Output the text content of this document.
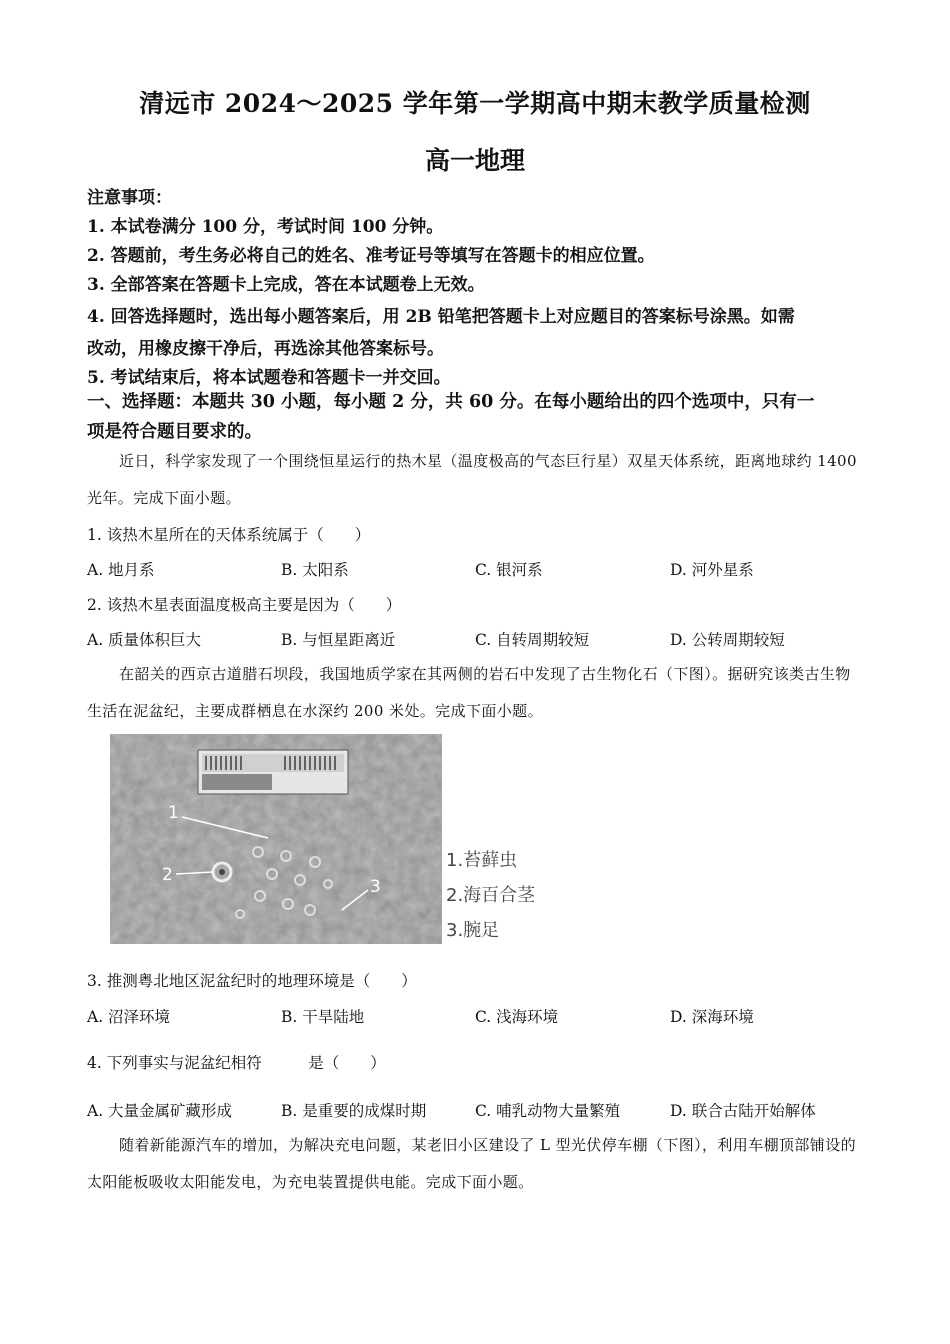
清远市 2024～2025 学年第一学期高中期末教学质量检测
高一地理
注意事项：
1. 本试卷满分 100 分，考试时间 100 分钟。
2. 答题前，考生务必将自己的姓名、准考证号等填写在答题卡的相应位置。
3. 全部答案在答题卡上完成，答在本试题卷上无效。
4. 回答选择题时，选出每小题答案后，用 2B 铅笔把答题卡上对应题目的答案标号涂黑。如需
改动，用橡皮擦干净后，再选涂其他答案标号。
5. 考试结束后，将本试题卷和答题卡一并交回。
一、选择题：本题共 30 小题，每小题 2 分，共 60 分。在每小题给出的四个选项中，只有一
项是符合题目要求的。
近日，科学家发现了一个围绕恒星运行的热木星（温度极高的气态巨行星）双星天体系统，距离地球约 1400 光年。完成下面小题。
1. 该热木星所在的天体系统属于（　　）
A. 地月系	B. 太阳系	C. 银河系	D. 河外星系
2. 该热木星表面温度极高主要是因为（　　）
A. 质量体积巨大	B. 与恒星距离近	C. 自转周期较短	D. 公转周期较短
在韶关的西京古道腊石坝段，我国地质学家在其两侧的岩石中发现了古生物化石（下图）。据研究该类古生物生活在泥盆纪，主要成群栖息在水深约 200 米处。完成下面小题。
1
2
3
1.苔藓虫
2.海百合茎
3.腕足
3. 推测粤北地区泥盆纪时的地理环境是（　　）
A. 沼泽环境	B. 干旱陆地	C. 浅海环境	D. 深海环境
4. 下列事实与泥盆纪相符　　　是（　　）
A. 大量金属矿藏形成	B. 是重要的成煤时期	C. 哺乳动物大量繁殖	D. 联合古陆开始解体
随着新能源汽车的增加，为解决充电问题，某老旧小区建设了 L 型光伏停车棚（下图），利用车棚顶部铺设的太阳能板吸收太阳能发电，为充电装置提供电能。完成下面小题。
